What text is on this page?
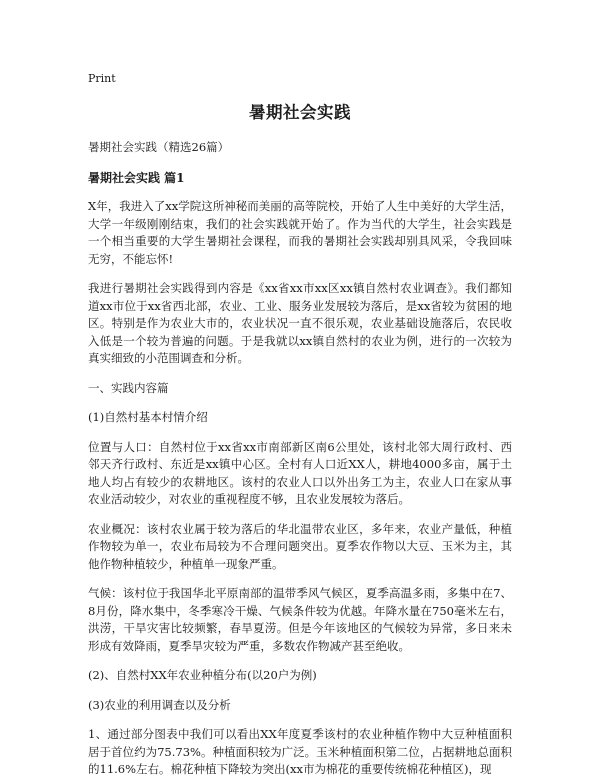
Print
暑期社会实践
暑期社会实践（精选26篇）
暑期社会实践 篇1

X年，我进入了xx学院这所神秘而美丽的高等院校，开始了人生中美好的大学生活，大学一年级刚刚结束，我们的社会实践就开始了。作为当代的大学生，社会实践是一个相当重要的大学生暑期社会课程，而我的暑期社会实践却别具风采，令我回味无穷，不能忘怀!

我进行暑期社会实践得到内容是《xx省xx市xx区xx镇自然村农业调查》。我们都知道xx市位于xx省西北部，农业、工业、服务业发展较为落后，是xx省较为贫困的地区。特别是作为农业大市的，农业状况一直不很乐观，农业基础设施落后，农民收入低是一个较为普遍的问题。于是我就以xx镇自然村的农业为例，进行的一次较为真实细致的小范围调查和分析。

一、实践内容篇

(1)自然村基本村情介绍

位置与人口：自然村位于xx省xx市南部新区南6公里处，该村北邻大周行政村、西邻天齐行政村、东近是xx镇中心区。全村有人口近XX人，耕地4000多亩，属于土地人均占有较少的农耕地区。该村的农业人口以外出务工为主，农业人口在家从事农业活动较少，对农业的重视程度不够，且农业发展较为落后。

农业概况：该村农业属于较为落后的华北温带农业区，多年来，农业产量低，种植作物较为单一，农业布局较为不合理问题突出。夏季农作物以大豆、玉米为主，其他作物种植较少，种植单一现象严重。

气候：该村位于我国华北平原南部的温带季风气候区，夏季高温多雨，多集中在7、8月份，降水集中，冬季寒冷干燥、气候条件较为优越。年降水量在750毫米左右，洪涝，干旱灾害比较频繁，春旱夏涝。但是今年该地区的气候较为异常，多日来未形成有效降雨，夏季旱灾较为严重，多数农作物减产甚至绝收。

(2)、自然村XX年农业种植分布(以20户为例)

(3)农业的利用调查以及分析

1、通过部分图表中我们可以看出XX年度夏季该村的农业种植作物中大豆种植面积居于首位约为75.73%。种植面积较为广泛。玉米种植面积第二位，占据耕地总面积的11.6%左右。棉花种植下降较为突出(xx市为棉花的重要传统棉花种植区)，现
